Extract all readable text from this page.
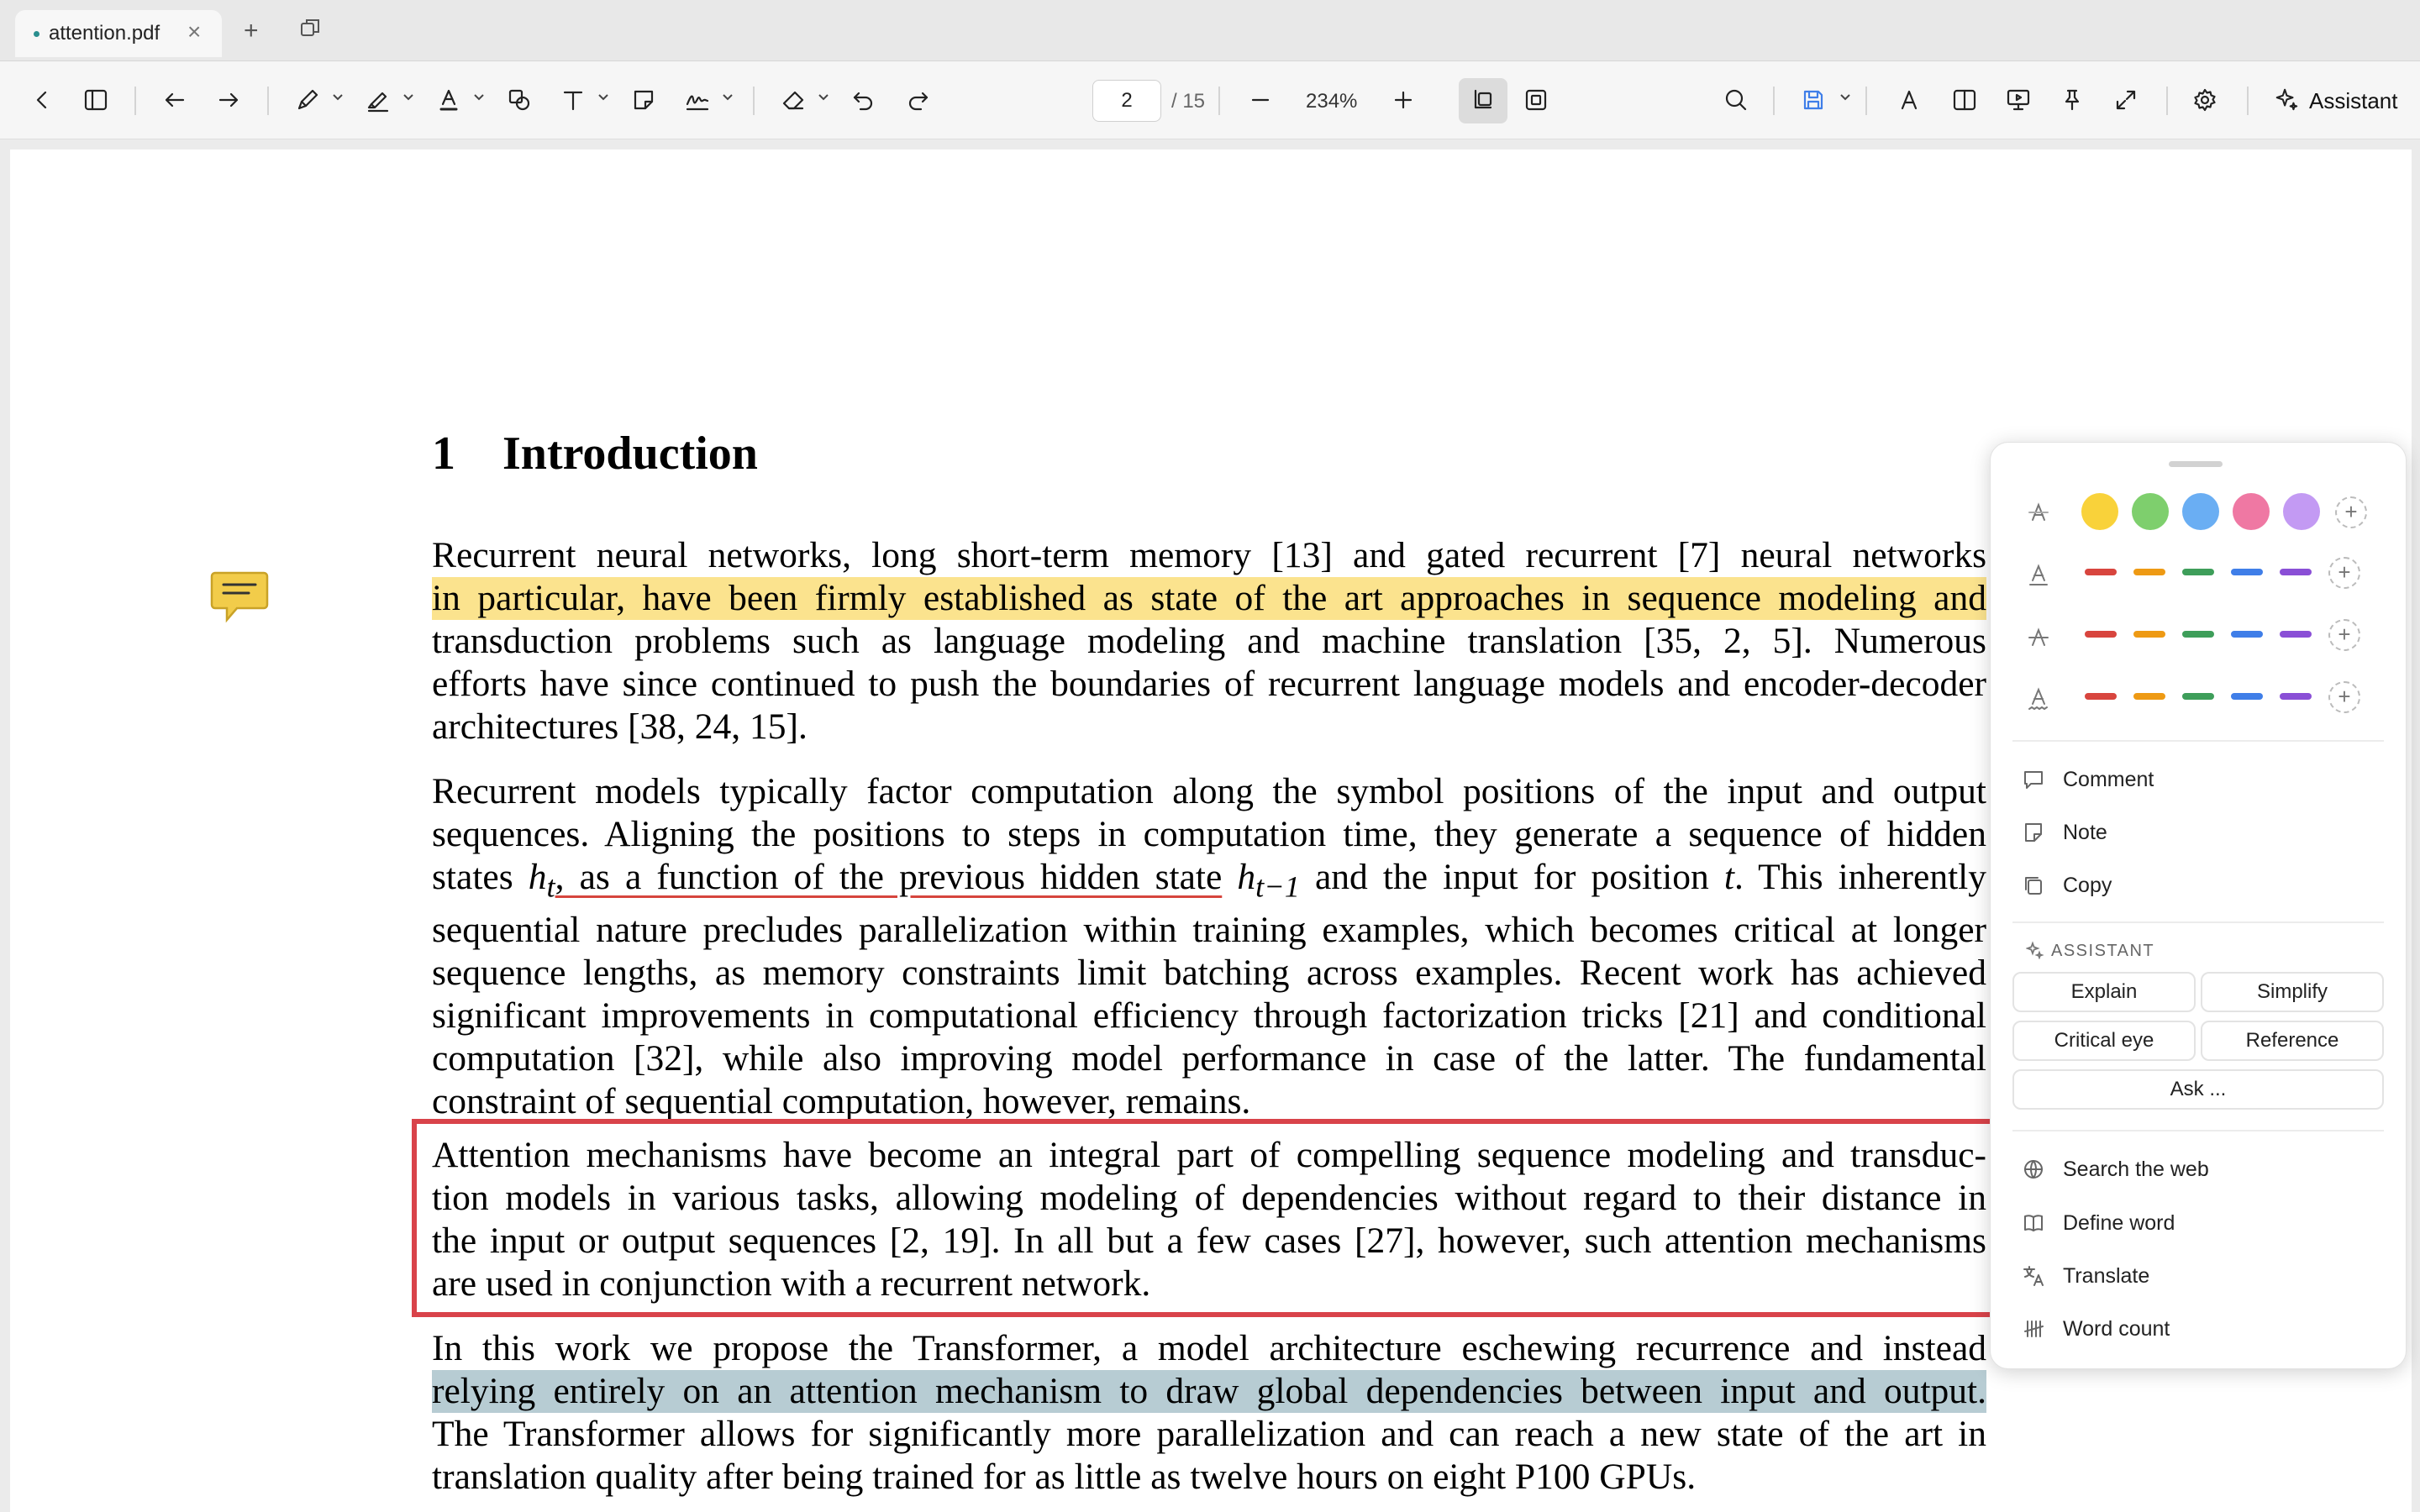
attention.pdf × +
2	/ 15	234%	Assistant
1 Introduction
Recurrent neural networks, long short-term memory [13] and gated recurrent [7] neural networks
in particular, have been firmly established as state of the art approaches in sequence modeling and
transduction problems such as language modeling and machine translation [35, 2, 5]. Numerous
efforts have since continued to push the boundaries of recurrent language models and encoder-decoder
architectures [38, 24, 15].
Recurrent models typically factor computation along the symbol positions of the input and output
sequences. Aligning the positions to steps in computation time, they generate a sequence of hidden
states $h_t$, as a function of the previous hidden state $h_{t-1}$ and the input for position t. This inherently
sequential nature precludes parallelization within training examples, which becomes critical at longer
sequence lengths, as memory constraints limit batching across examples. Recent work has achieved
significant improvements in computational efficiency through factorization tricks [21] and conditional
computation [32], while also improving model performance in case of the latter. The fundamental
constraint of sequential computation, however, remains.
Attention mechanisms have become an integral part of compelling sequence modeling and transduc-
tion models in various tasks, allowing modeling of dependencies without regard to their distance in
the input or output sequences [2, 19]. In all but a few cases [27], however, such attention mechanisms
are used in conjunction with a recurrent network.
In this work we propose the Transformer, a model architecture eschewing recurrence and instead
relying entirely on an attention mechanism to draw global dependencies between input and output.
The Transformer allows for significantly more parallelization and can reach a new state of the art in
translation quality after being trained for as little as twelve hours on eight P100 GPUs.
+
+
+
+
Comment
Note
Copy
ASSISTANT
Explain	Simplify
Critical eye	Reference
Ask ...
Search the web
Define word
Translate
Word count
